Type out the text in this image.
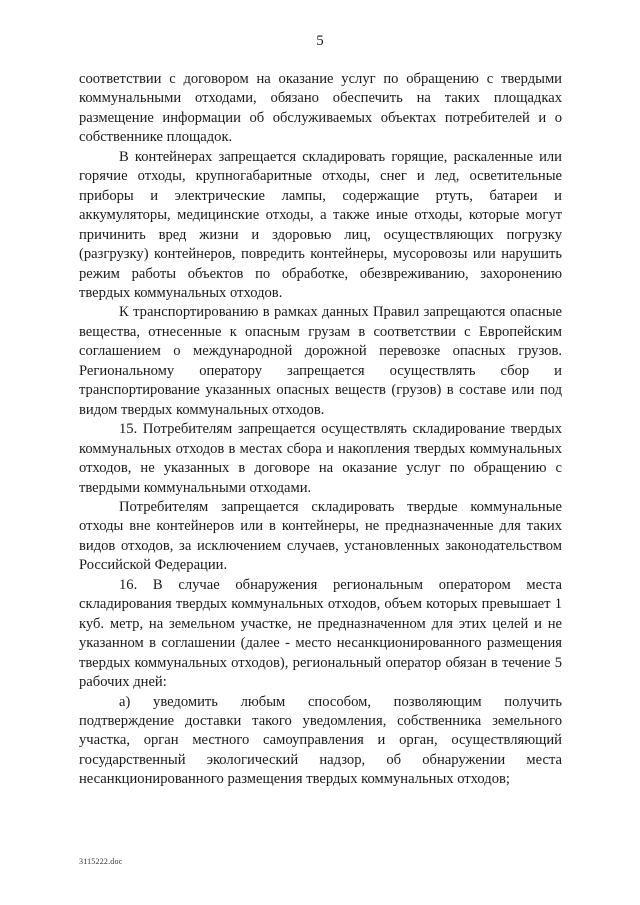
5

соответствии с договором на оказание услуг по обращению с твердыми коммунальными отходами, обязано обеспечить на таких площадках размещение информации об обслуживаемых объектах потребителей и о собственнике площадок.

В контейнерах запрещается складировать горящие, раскаленные или горячие отходы, крупногабаритные отходы, снег и лед, осветительные приборы и электрические лампы, содержащие ртуть, батареи и аккумуляторы, медицинские отходы, а также иные отходы, которые могут причинить вред жизни и здоровью лиц, осуществляющих погрузку (разгрузку) контейнеров, повредить контейнеры, мусоровозы или нарушить режим работы объектов по обработке, обезвреживанию, захоронению твердых коммунальных отходов.

К транспортированию в рамках данных Правил запрещаются опасные вещества, отнесенные к опасным грузам в соответствии с Европейским соглашением о международной дорожной перевозке опасных грузов. Региональному оператору запрещается осуществлять сбор и транспортирование указанных опасных веществ (грузов) в составе или под видом твердых коммунальных отходов.

15. Потребителям запрещается осуществлять складирование твердых коммунальных отходов в местах сбора и накопления твердых коммунальных отходов, не указанных в договоре на оказание услуг по обращению с твердыми коммунальными отходами.

Потребителям запрещается складировать твердые коммунальные отходы вне контейнеров или в контейнеры, не предназначенные для таких видов отходов, за исключением случаев, установленных законодательством Российской Федерации.

16. В случае обнаружения региональным оператором места складирования твердых коммунальных отходов, объем которых превышает 1 куб. метр, на земельном участке, не предназначенном для этих целей и не указанном в соглашении (далее - место несанкционированного размещения твердых коммунальных отходов), региональный оператор обязан в течение 5 рабочих дней:

а) уведомить любым способом, позволяющим получить подтверждение доставки такого уведомления, собственника земельного участка, орган местного самоуправления и орган, осуществляющий государственный экологический надзор, об обнаружении места несанкционированного размещения твердых коммунальных отходов;

3115222.doc
